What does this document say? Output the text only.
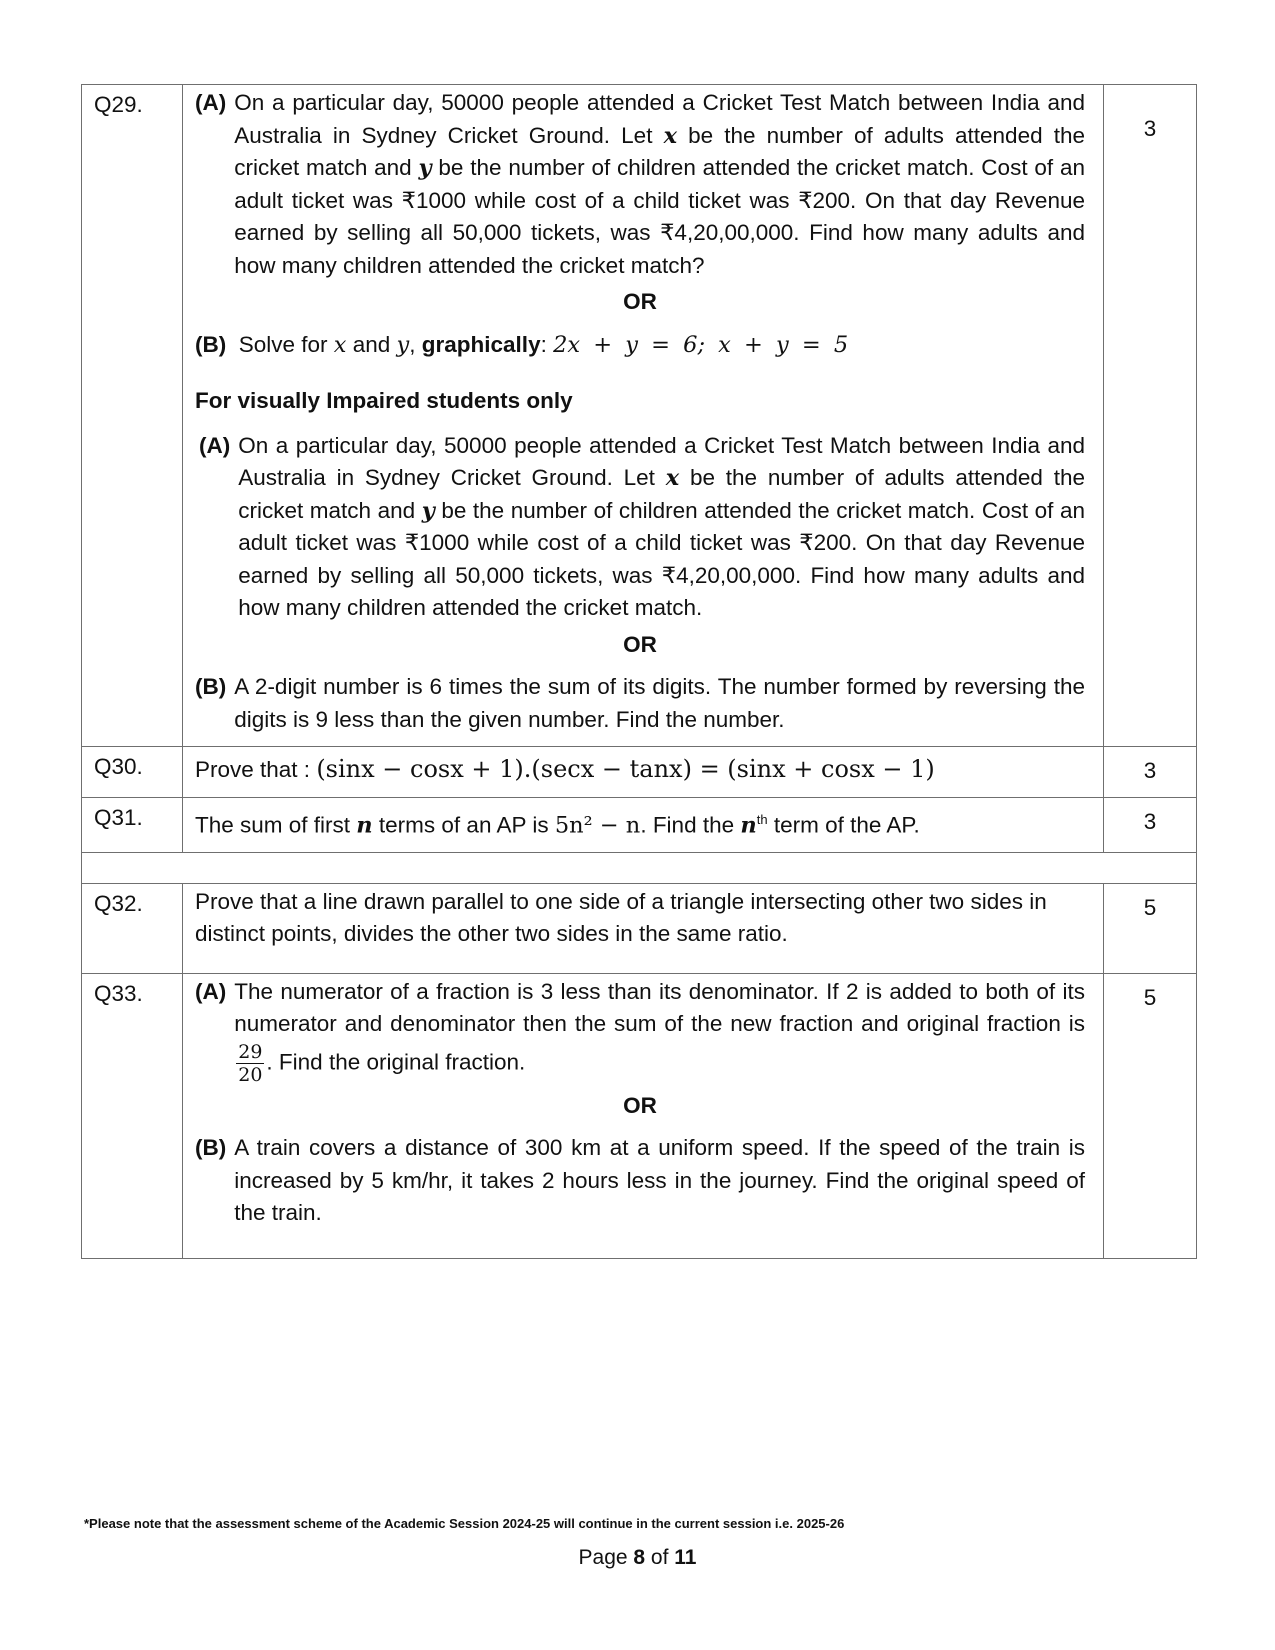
Q29.	(A) On a particular day, 50000 people attended a Cricket Test Match between India and Australia in Sydney Cricket Ground. Let x be the number of adults attended the cricket match and y be the number of children attended the cricket match. Cost of an adult ticket was ₹1000 while cost of a child ticket was ₹200. On that day Revenue earned by selling all 50,000 tickets, was ₹4,20,00,000. Find how many adults and how many children attended the cricket match?
OR
(B) Solve for x and y, graphically: 2x + y = 6; x + y = 5
For visually Impaired students only
(A) On a particular day, 50000 people attended a Cricket Test Match between India and Australia in Sydney Cricket Ground. Let x be the number of adults attended the cricket match and y be the number of children attended the cricket match. Cost of an adult ticket was ₹1000 while cost of a child ticket was ₹200. On that day Revenue earned by selling all 50,000 tickets, was ₹4,20,00,000. Find how many adults and how many children attended the cricket match.
OR
(B) A 2-digit number is 6 times the sum of its digits. The number formed by reversing the digits is 9 less than the given number. Find the number.
	3
Q30.	Prove that : (sinx − cosx + 1).(secx − tanx) = (sinx + cosx − 1)	3
Q31.	The sum of first n terms of an AP is 5n² − n. Find the $n^{th}$ term of the AP.	3

Q32.	Prove that a line drawn parallel to one side of a triangle intersecting other two sides in distinct points, divides the other two sides in the same ratio.	5
Q33.	(A) The numerator of a fraction is 3 less than its denominator. If 2 is added to both of its numerator and denominator then the sum of the new fraction and original fraction is
$\frac{29}{20}$ . Find the original fraction.
OR
(B) A train covers a distance of 300 km at a uniform speed. If the speed of the train is increased by 5 km/hr, it takes 2 hours less in the journey. Find the original speed of the train.
	5
*Please note that the assessment scheme of the Academic Session 2024-25 will continue in the current session i.e. 2025-26
Page 8 of 11
